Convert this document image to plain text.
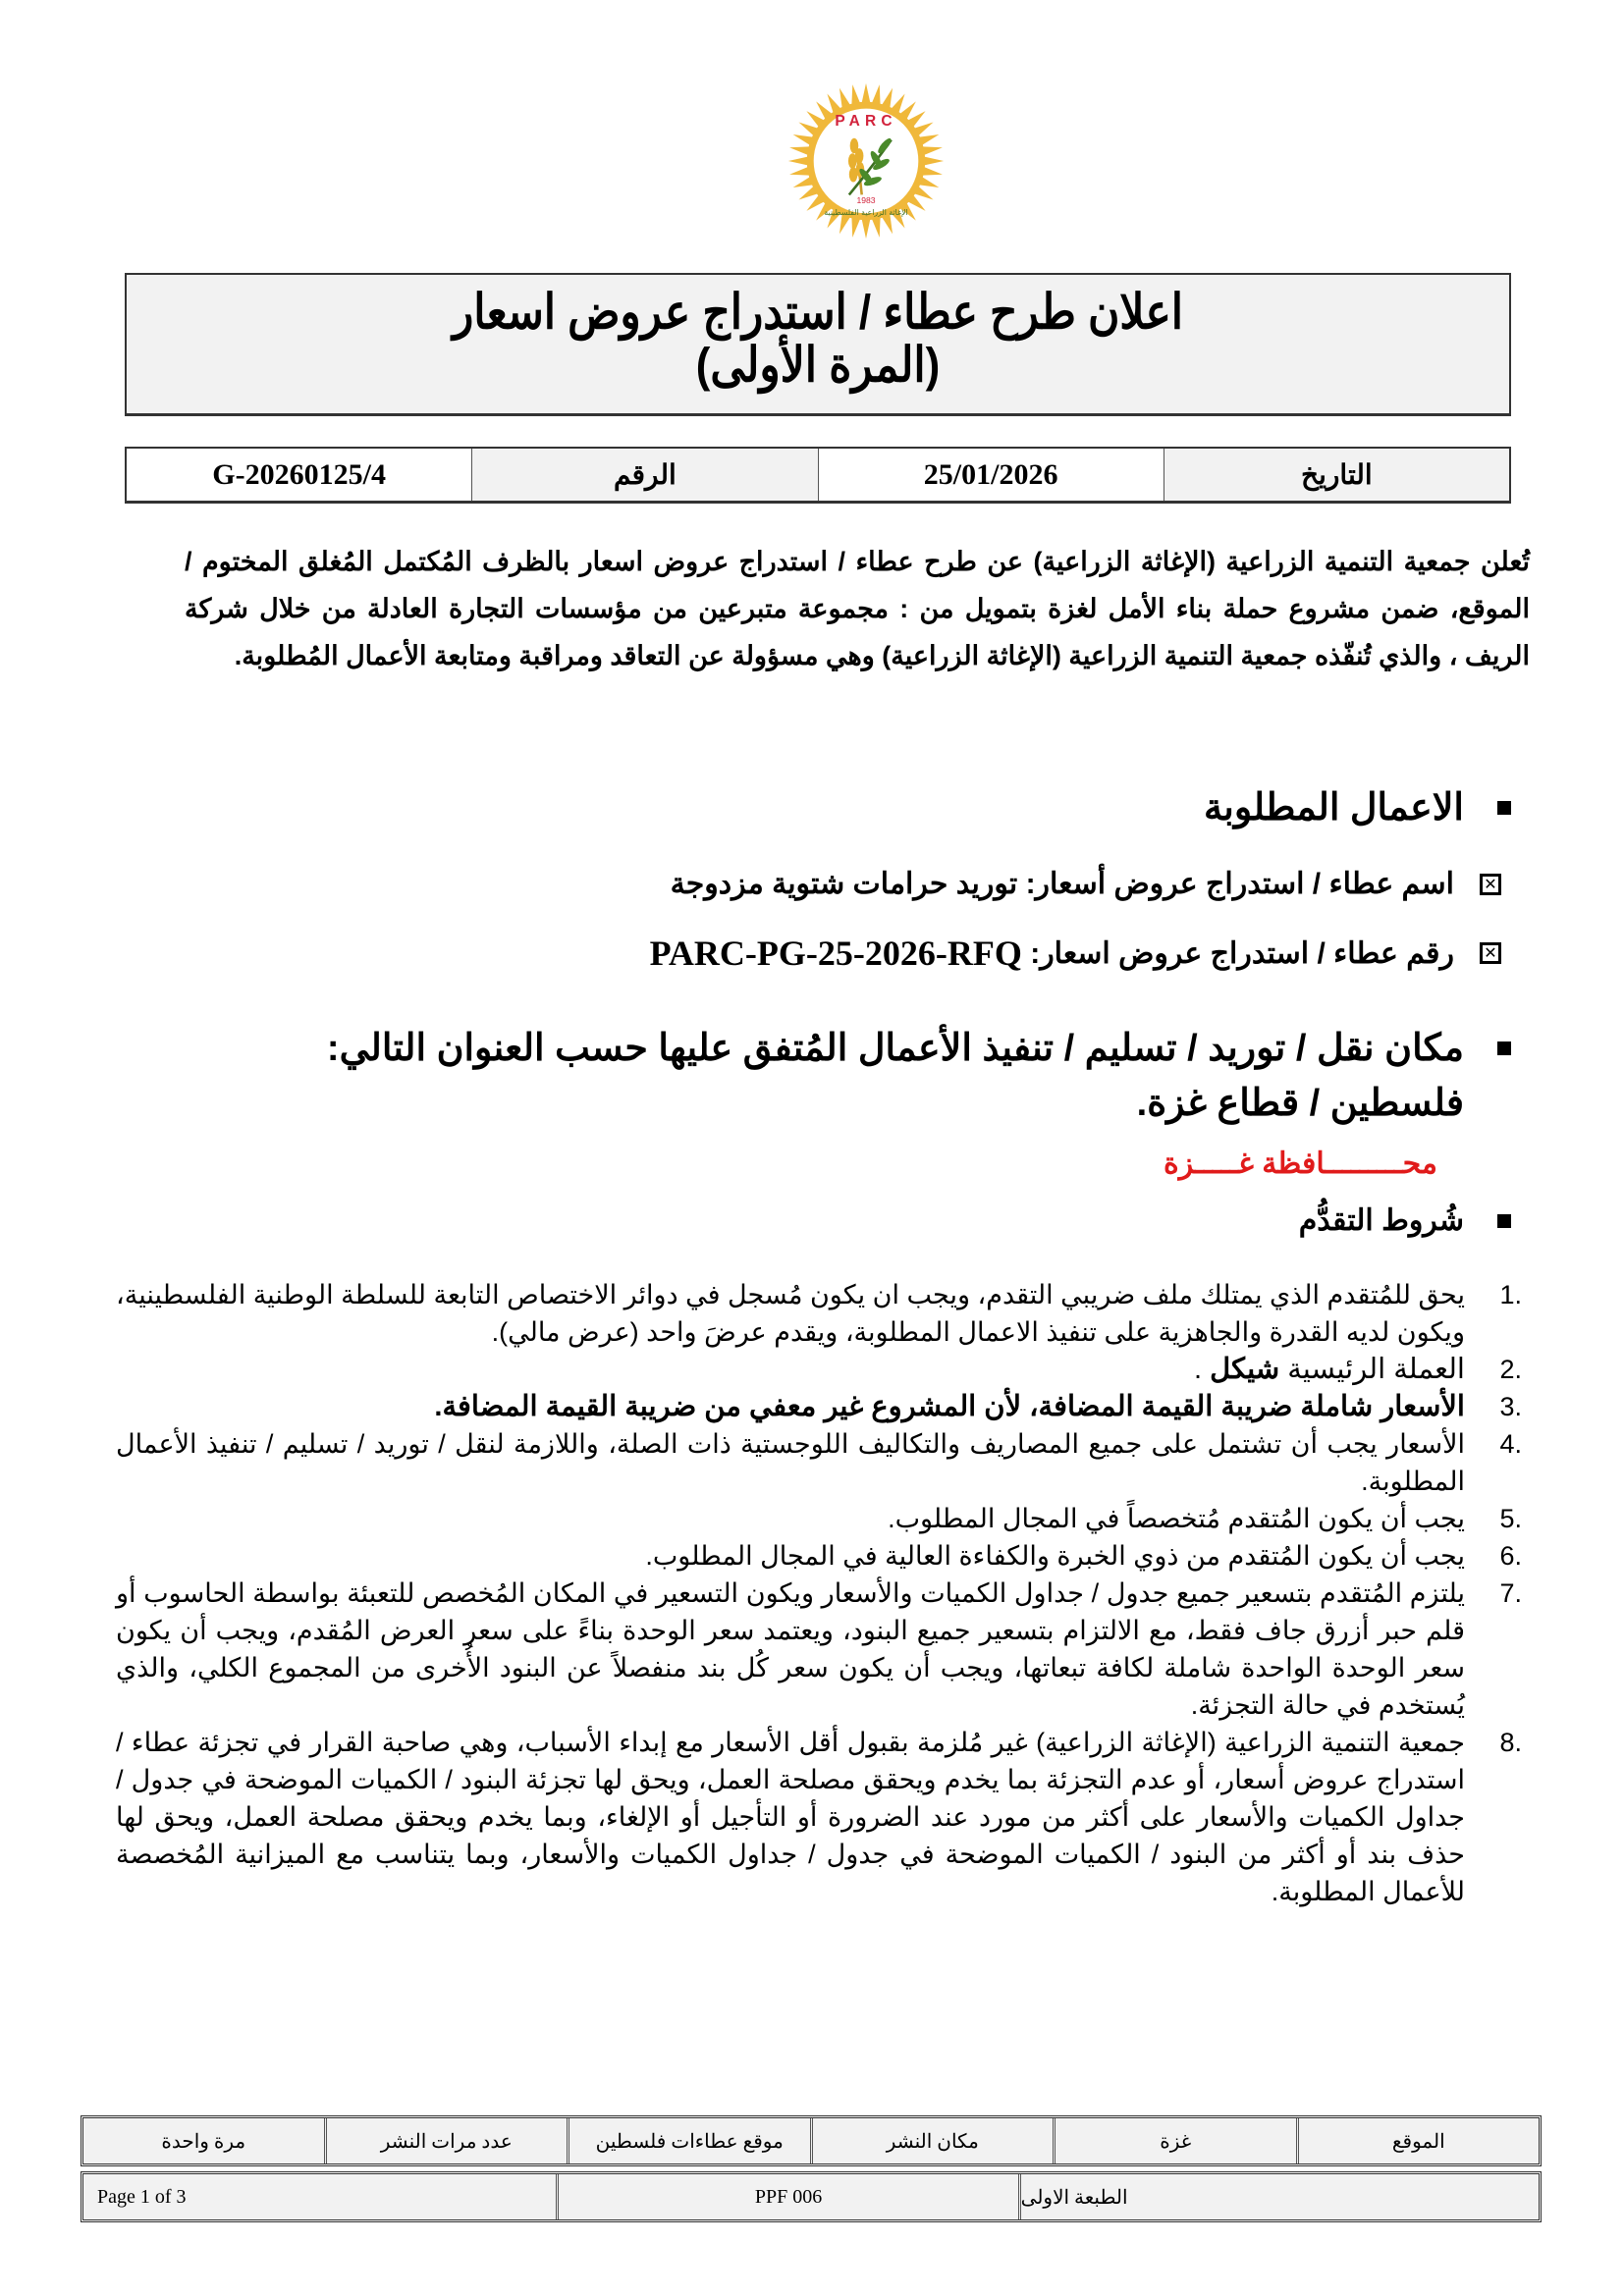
PARC
1983
الإغاثة الزراعية الفلسطينية
اعلان طرح عطاء / استدراج عروض اسعار
(المرة الأولى)
التاريخ
25/01/2026
الرقم
G-20260125/4
تُعلن جمعية التنمية الزراعية (الإغاثة الزراعية) عن طرح عطاء / استدراج عروض اسعار بالظرف المُكتمل المُغلق المختوم / الموقع، ضمن مشروع حملة بناء الأمل لغزة بتمويل من : مجموعة متبرعين من مؤسسات التجارة العادلة من خلال شركة الريف ، والذي تُنفّذه جمعية التنمية الزراعية (الإغاثة الزراعية) وهي مسؤولة عن التعاقد ومراقبة ومتابعة الأعمال المُطلوبة.
الاعمال المطلوبة
✕
اسم عطاء / استدراج عروض أسعار:

توريد حرامات شتوية مزدوجة
✕
رقم عطاء / استدراج عروض اسعار:

PARC-PG-25-2026-RFQ
مكان نقل / توريد / تسليم / تنفيذ الأعمال المُتفق عليها حسب العنوان التالي:
فلسطين / قطاع غزة.
محـــــــــافظة غـــــزة
شُروط التقدُّم
1.
يحق للمُتقدم الذي يمتلك ملف ضريبي التقدم، ويجب ان يكون مُسجل في دوائر الاختصاص التابعة للسلطة الوطنية الفلسطينية، ويكون لديه القدرة والجاهزية على تنفيذ الاعمال المطلوبة، ويقدم عرضَ واحد (عرض مالي).
2.
العملة الرئيسية شيكل .
3.
الأسعار شاملة ضريبة القيمة المضافة، لأن المشروع غير معفي من ضريبة القيمة المضافة.
4.
الأسعار يجب أن تشتمل على جميع المصاريف والتكاليف اللوجستية ذات الصلة، واللازمة لنقل / توريد / تسليم / تنفيذ الأعمال المطلوبة.
5.
يجب أن يكون المُتقدم مُتخصصاً في المجال المطلوب.
6.
يجب أن يكون المُتقدم من ذوي الخبرة والكفاءة العالية في المجال المطلوب.
7.
يلتزم المُتقدم بتسعير جميع جدول / جداول الكميات والأسعار ويكون التسعير في المكان المُخصص للتعبئة بواسطة الحاسوب أو قلم حبر أزرق جاف فقط، مع الالتزام بتسعير جميع البنود، ويعتمد سعر الوحدة بناءً على سعر العرض المُقدم، ويجب أن يكون سعر الوحدة الواحدة شاملة لكافة تبعاتها، ويجب أن يكون سعر كُل بند منفصلاً عن البنود الأُخرى من المجموع الكلي، والذي يُستخدم في حالة التجزئة.
8.
جمعية التنمية الزراعية (الإغاثة الزراعية) غير مُلزمة بقبول أقل الأسعار مع إبداء الأسباب، وهي صاحبة القرار في تجزئة عطاء / استدراج عروض أسعار، أو عدم التجزئة بما يخدم ويحقق مصلحة العمل، ويحق لها تجزئة البنود / الكميات الموضحة في جدول / جداول الكميات والأسعار على أكثر من مورد عند الضرورة أو التأجيل أو الإلغاء، وبما يخدم ويحقق مصلحة العمل، ويحق لها حذف بند أو أكثر من البنود / الكميات الموضحة في جدول / جداول الكميات والأسعار، وبما يتناسب مع الميزانية المُخصصة للأعمال المطلوبة.
الموقع
غزة
مكان النشر
موقع عطاءات فلسطين
عدد مرات النشر
مرة واحدة
الطبعة الاولى
PPF 006
Page 1 of 3
